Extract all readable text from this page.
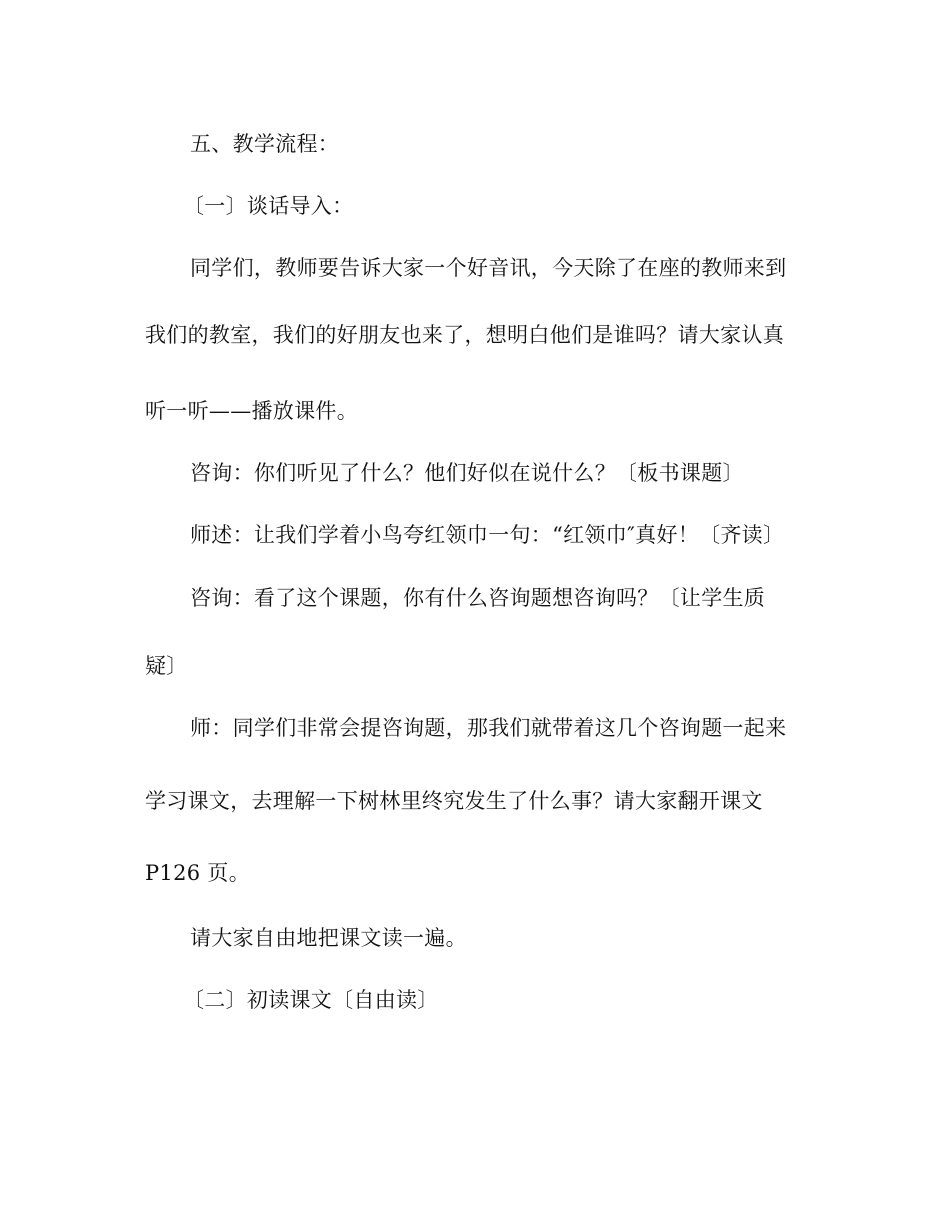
五、教学流程：
〔一〕谈话导入：
同学们，教师要告诉大家一个好音讯，今天除了在座的教师来到
我们的教室，我们的好朋友也来了，想明白他们是谁吗？请大家认真
听一听——播放课件。
咨询：你们听见了什么？他们好似在说什么？〔板书课题〕
师述：让我们学着小鸟夸红领巾一句：“红领巾″真好！〔齐读〕
咨询：看了这个课题，你有什么咨询题想咨询吗？〔让学生质
疑〕
师：同学们非常会提咨询题，那我们就带着这几个咨询题一起来
学习课文，去理解一下树林里终究发生了什么事？请大家翻开课文
P126 页。
请大家自由地把课文读一遍。
〔二〕初读课文〔自由读〕
